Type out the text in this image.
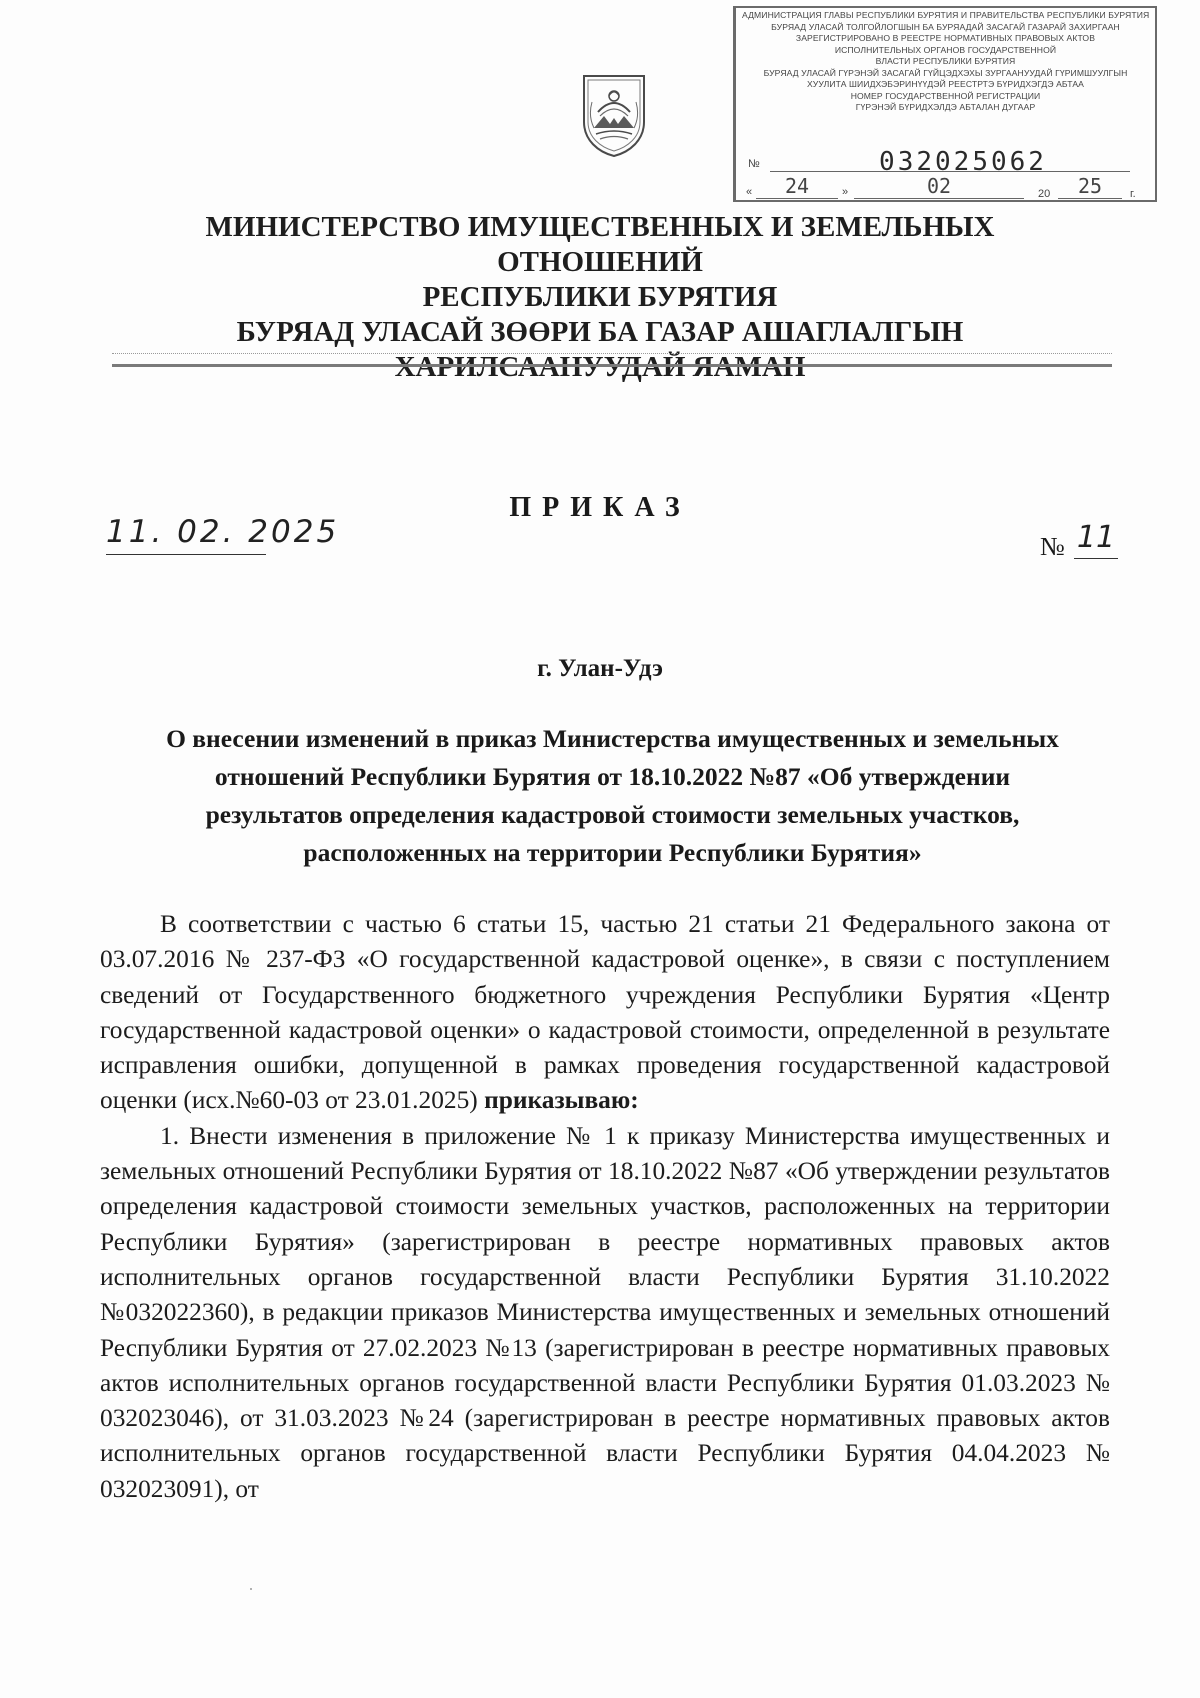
АДМИНИСТРАЦИЯ ГЛАВЫ РЕСПУБЛИКИ БУРЯТИЯ И ПРАВИТЕЛЬСТВА РЕСПУБЛИКИ БУРЯТИЯ
БУРЯАД УЛАСАЙ ТОЛГОЙЛОГШЫН БА БУРЯАДАЙ ЗАСАГАЙ ГАЗАРАЙ ЗАХИРГААН
ЗАРЕГИСТРИРОВАНО В РЕЕСТРЕ НОРМАТИВНЫХ ПРАВОВЫХ АКТОВ
ИСПОЛНИТЕЛЬНЫХ ОРГАНОВ ГОСУДАРСТВЕННОЙ
ВЛАСТИ РЕСПУБЛИКИ БУРЯТИЯ
БУРЯАД УЛАСАЙ ГҮРЭНЭЙ ЗАСАГАЙ ГҮЙЦЭДХЭХЫ ЗУРГААНУУДАЙ ГҮРИМШУУЛГЫН
ХУУЛИТА ШИИДХЭБЭРИНҮҮДЭЙ РЕЕСТРТЭ БҮРИДХЭГДЭ АБТАА
НОМЕР ГОСУДАРСТВЕННОЙ РЕГИСТРАЦИИ
ГҮРЭНЭЙ БҮРИДХЭЛДЭ АБТАЛАН ДУГААР
№	032025062
«	24	»	02	20	25	г.
МИНИСТЕРСТВО ИМУЩЕСТВЕННЫХ И ЗЕМЕЛЬНЫХ ОТНОШЕНИЙ
РЕСПУБЛИКИ БУРЯТИЯ
БУРЯАД УЛАСАЙ ЗӨӨРИ БА ГАЗАР АШАГЛАЛГЫН
ХАРИЛСААНУУДАЙ ЯАМАН
ПРИКАЗ
11. 02. 2025	№ 11
г. Улан-Удэ
О внесении изменений в приказ Министерства имущественных и земельных
отношений Республики Бурятия от 18.10.2022 №87 «Об утверждении
результатов определения кадастровой стоимости земельных участков,
расположенных на территории Республики Бурятия»

В соответствии с частью 6 статьи 15, частью 21 статьи 21 Федерального закона от 03.07.2016 № 237-ФЗ «О государственной кадастровой оценке», в связи с поступлением сведений от Государственного бюджетного учреждения Республики Бурятия «Центр государственной кадастровой оценки» о кадастровой стоимости, определенной в результате исправления ошибки, допущенной в рамках проведения государственной кадастровой оценки (исх.№60-03 от 23.01.2025) приказываю:

1. Внести изменения в приложение № 1 к приказу Министерства имущественных и земельных отношений Республики Бурятия от 18.10.2022 №87 «Об утверждении результатов определения кадастровой стоимости земельных участков, расположенных на территории Республики Бурятия» (зарегистрирован в реестре нормативных правовых актов исполнительных органов государственной власти Республики Бурятия 31.10.2022 №032022360), в редакции приказов Министерства имущественных и земельных отношений Республики Бурятия от 27.02.2023 №13 (зарегистрирован в реестре нормативных правовых актов исполнительных органов государственной власти Республики Бурятия 01.03.2023 № 032023046), от 31.03.2023 №24 (зарегистрирован в реестре нормативных правовых актов исполнительных органов государственной власти Республики Бурятия 04.04.2023 № 032023091), от
